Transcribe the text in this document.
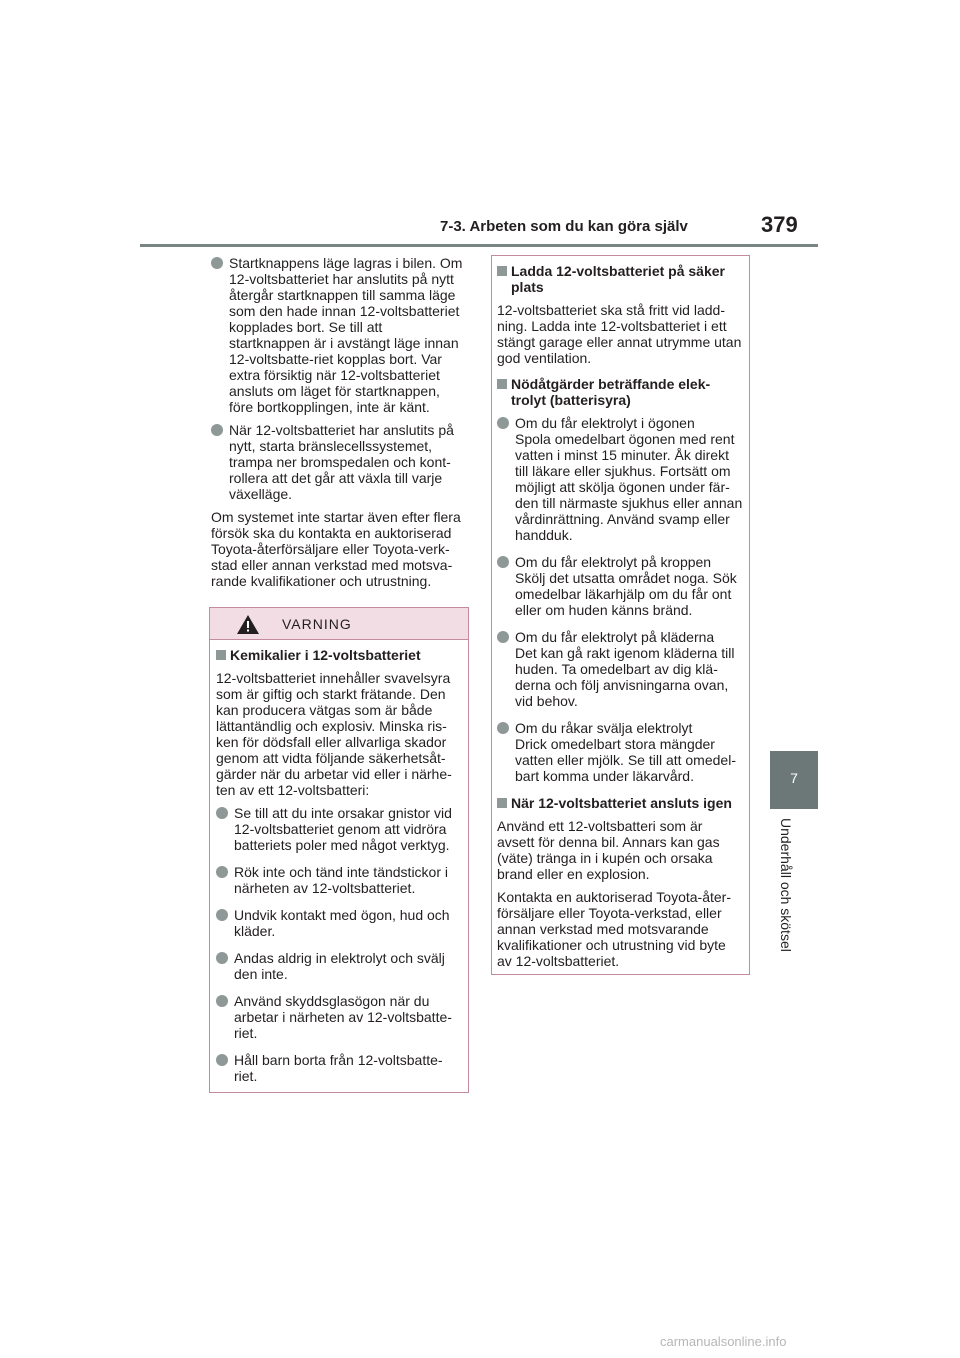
7-3. Arbeten som du kan göra själv	379
7
Underhåll och skötsel
Startknappens läge lagras i bilen. Om 12-voltsbatteriet har anslutits på nytt återgår startknappen till samma läge som den hade innan 12-voltsbatteriet kopplades bort. Se till att startknappen är i avstängt läge innan 12-voltsbatte-riet kopplas bort. Var extra försiktig när 12-voltsbatteriet ansluts om läget för startknappen, före bortkopplingen, inte är känt.
När 12-voltsbatteriet har anslutits på nytt, starta bränslecellssystemet, trampa ner bromspedalen och kont-rollera att det går att växla till varje växelläge.

Om systemet inte startar även efter flera försök ska du kontakta en auktoriserad Toyota-återförsäljare eller Toyota-verk-stad eller annan verkstad med motsva-rande kvalifikationer och utrustning.

VARNING
Kemikalier i 12-voltsbatteriet

12-voltsbatteriet innehåller svavelsyra som är giftig och starkt frätande. Den kan producera vätgas som är både lättantändlig och explosiv. Minska ris-ken för dödsfall eller allvarliga skador genom att vidta följande säkerhetsåt-gärder när du arbetar vid eller i närhe-ten av ett 12-voltsbatteri:

Se till att du inte orsakar gnistor vid 12-voltsbatteriet genom att vidröra batteriets poler med något verktyg.
Rök inte och tänd inte tändstickor i närheten av 12-voltsbatteriet.
Undvik kontakt med ögon, hud och kläder.
Andas aldrig in elektrolyt och svälj den inte.
Använd skyddsglasögon när du arbetar i närheten av 12-voltsbatte-riet.
Håll barn borta från 12-voltsbatte-riet.
Ladda 12-voltsbatteriet på säker plats

12-voltsbatteriet ska stå fritt vid ladd-ning. Ladda inte 12-voltsbatteriet i ett stängt garage eller annat utrymme utan god ventilation.

Nödåtgärder beträffande elek-trolyt (batterisyra)
Om du får elektrolyt i ögonen
Spola omedelbart ögonen med rent vatten i minst 15 minuter. Åk direkt till läkare eller sjukhus. Fortsätt om möjligt att skölja ögonen under fär-den till närmaste sjukhus eller annan vårdinrättning. Använd svamp eller handduk.
Om du får elektrolyt på kroppen
Skölj det utsatta området noga. Sök omedelbar läkarhjälp om du får ont eller om huden känns bränd.
Om du får elektrolyt på kläderna
Det kan gå rakt igenom kläderna till huden. Ta omedelbart av dig klä-derna och följ anvisningarna ovan, vid behov.
Om du råkar svälja elektrolyt
Drick omedelbart stora mängder vatten eller mjölk. Se till att omedel-bart komma under läkarvård.
När 12-voltsbatteriet ansluts igen

Använd ett 12-voltsbatteri som är avsett för denna bil. Annars kan gas (väte) tränga in i kupén och orsaka brand eller en explosion.

Kontakta en auktoriserad Toyota-åter-försäljare eller Toyota-verkstad, eller annan verkstad med motsvarande kvalifikationer och utrustning vid byte av 12-voltsbatteriet.

carmanualsonline.info
